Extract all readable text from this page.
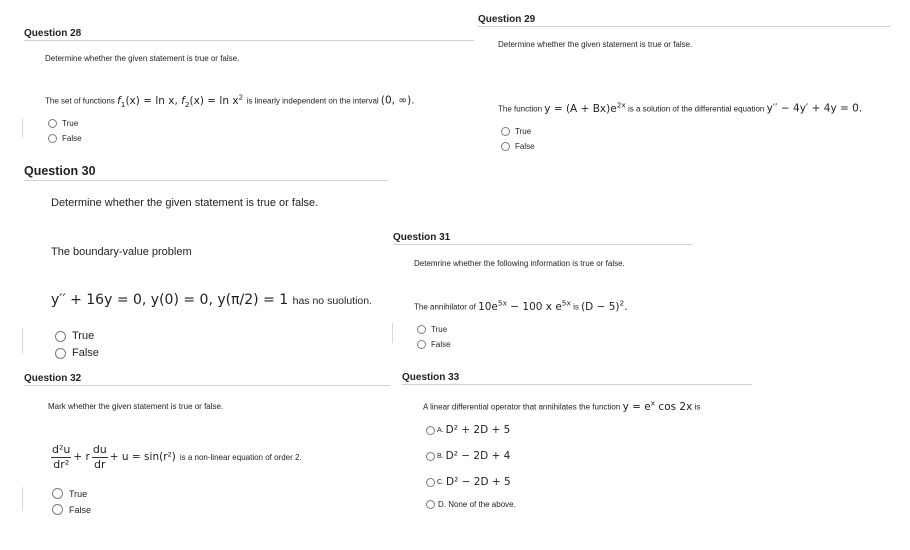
Question 28
Determine whether the given statement is true or false.
The set of functions $f_1(x) = \ln x$, $f_2(x) = \ln x^2$ is linearly independent on the interval (0, ∞).
True
False
Question 29
Determine whether the given statement is true or false.
The function $y = (A + Bx)e^{2x}$ is a solution of the differential equation y′′ − 4y′ + 4y = 0.
True
False
Question 30
Determine whether the given statement is true or false.
The boundary-value problem
y′′ + 16y = 0, y(0) = 0, y(π/2) = 1 has no suolution.
True
False
Question 31
Detemrine whether the following information is true or false.
The annihilator of $10e^{5x} - 100$ x $e^{5x}$ is $(D - 5)^2$.
True
False
Question 32
Mark whether the given statement is true or false.
$\frac{\text{d²u}}{\text{dr²}} + r \frac{du}{dr} + u = \sin(r^2)$ is a non-linear equation of order 2.
True
False
Question 33
A linear differential operator that annihilates the function $y = e^x$ cos 2x is
A. D² + 2D + 5
B. D² − 2D + 4
C. D² − 2D + 5
D. None of the above.
